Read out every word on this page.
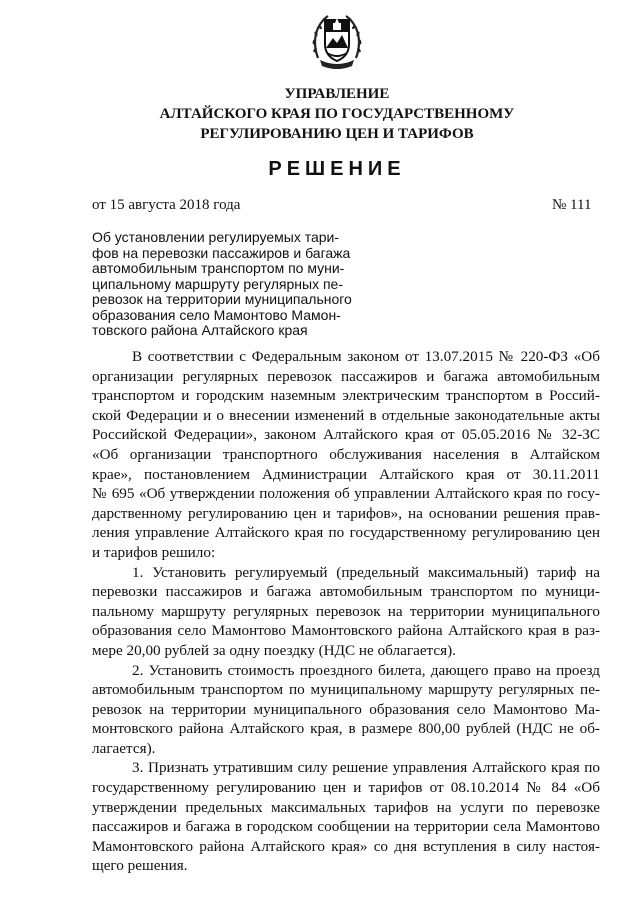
УПРАВЛЕНИЕ
АЛТАЙСКОГО КРАЯ ПО ГОСУДАРСТВЕННОМУ
РЕГУЛИРОВАНИЮ ЦЕН И ТАРИФОВ
РЕШЕНИЕ
от 15 августа 2018 года	№ 111
Об установлении регулируемых тари-
фов на перевозки пассажиров и багажа
автомобильным транспортом по муни-
ципальному маршруту регулярных пе-
ревозок на территории муниципального
образования село Мамонтово Мамон-
товского района Алтайского края
В соответствии с Федеральным законом от 13.07.2015 № 220-ФЗ «Об
организации регулярных перевозок пассажиров и багажа автомобильным
транспортом и городским наземным электрическим транспортом в Россий-
ской Федерации и о внесении изменений в отдельные законодательные акты
Российской Федерации», законом Алтайского края от 05.05.2016 № 32-ЗС
«Об организации транспортного обслуживания населения в Алтайском
крае», постановлением Администрации Алтайского края от 30.11.2011
№ 695 «Об утверждении положения об управлении Алтайского края по госу-
дарственному регулированию цен и тарифов», на основании решения прав-
ления управление Алтайского края по государственному регулированию цен
и тарифов решило:
1. Установить регулируемый (предельный максимальный) тариф на
перевозки пассажиров и багажа автомобильным транспортом по муници-
пальному маршруту регулярных перевозок на территории муниципального
образования село Мамонтово Мамонтовского района Алтайского края в раз-
мере 20,00 рублей за одну поездку (НДС не облагается).
2. Установить стоимость проездного билета, дающего право на проезд
автомобильным транспортом по муниципальному маршруту регулярных пе-
ревозок на территории муниципального образования село Мамонтово Ма-
монтовского района Алтайского края, в размере 800,00 рублей (НДС не об-
лагается).
3. Признать утратившим силу решение управления Алтайского края по
государственному регулированию цен и тарифов от 08.10.2014 № 84 «Об
утверждении предельных максимальных тарифов на услуги по перевозке
пассажиров и багажа в городском сообщении на территории села Мамонтово
Мамонтовского района Алтайского края» со дня вступления в силу настоя-
щего решения.
